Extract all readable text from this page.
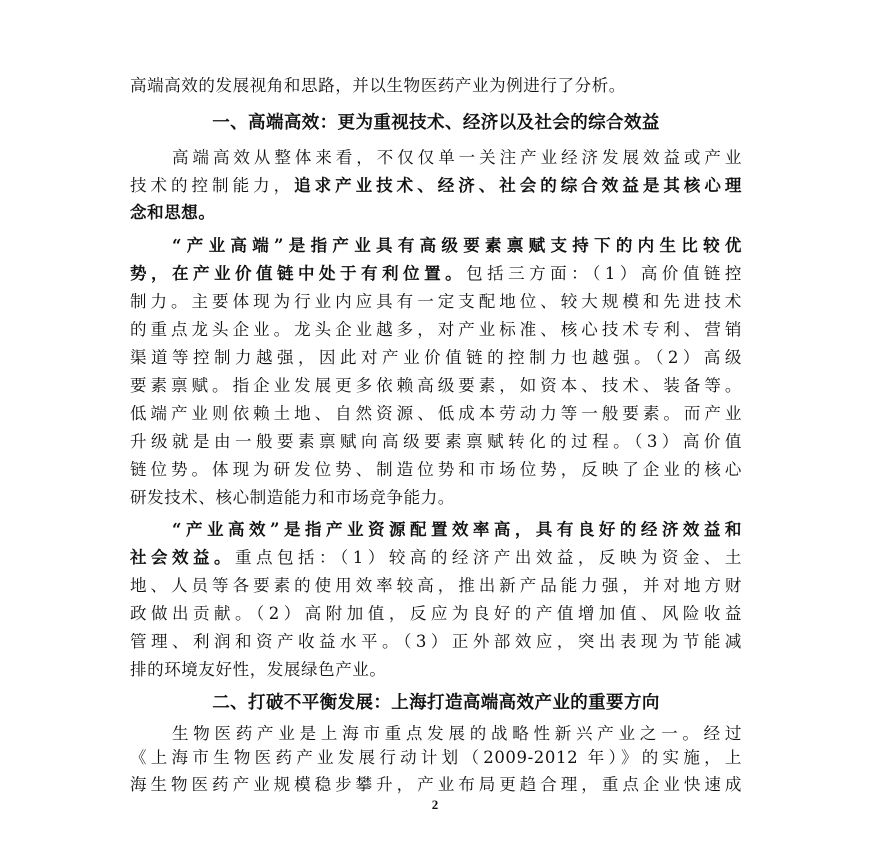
高端高效的发展视角和思路，并以生物医药产业为例进行了分析。
一、高端高效：更为重视技术、经济以及社会的综合效益
高端高效从整体来看，不仅仅单一关注产业经济发展效益或产业
技术的控制能力，追求产业技术、经济、社会的综合效益是其核心理
念和思想。
“产业高端”是指产业具有高级要素禀赋支持下的内生比较优
势，在产业价值链中处于有利位置。包括三方面：（1）高价值链控
制力。主要体现为行业内应具有一定支配地位、较大规模和先进技术
的重点龙头企业。龙头企业越多，对产业标准、核心技术专利、营销
渠道等控制力越强，因此对产业价值链的控制力也越强。（2）高级
要素禀赋。指企业发展更多依赖高级要素，如资本、技术、装备等。
低端产业则依赖土地、自然资源、低成本劳动力等一般要素。而产业
升级就是由一般要素禀赋向高级要素禀赋转化的过程。（3）高价值
链位势。体现为研发位势、制造位势和市场位势，反映了企业的核心
研发技术、核心制造能力和市场竞争能力。
“产业高效”是指产业资源配置效率高，具有良好的经济效益和
社会效益。重点包括：（1）较高的经济产出效益，反映为资金、土
地、人员等各要素的使用效率较高，推出新产品能力强，并对地方财
政做出贡献。（2）高附加值，反应为良好的产值增加值、风险收益
管理、利润和资产收益水平。（3）正外部效应，突出表现为节能减
排的环境友好性，发展绿色产业。
二、打破不平衡发展：上海打造高端高效产业的重要方向
生物医药产业是上海市重点发展的战略性新兴产业之一。经过
《上海市生物医药产业发展行动计划（2009-2012 年）》的实施，上
海生物医药产业规模稳步攀升，产业布局更趋合理，重点企业快速成
2
